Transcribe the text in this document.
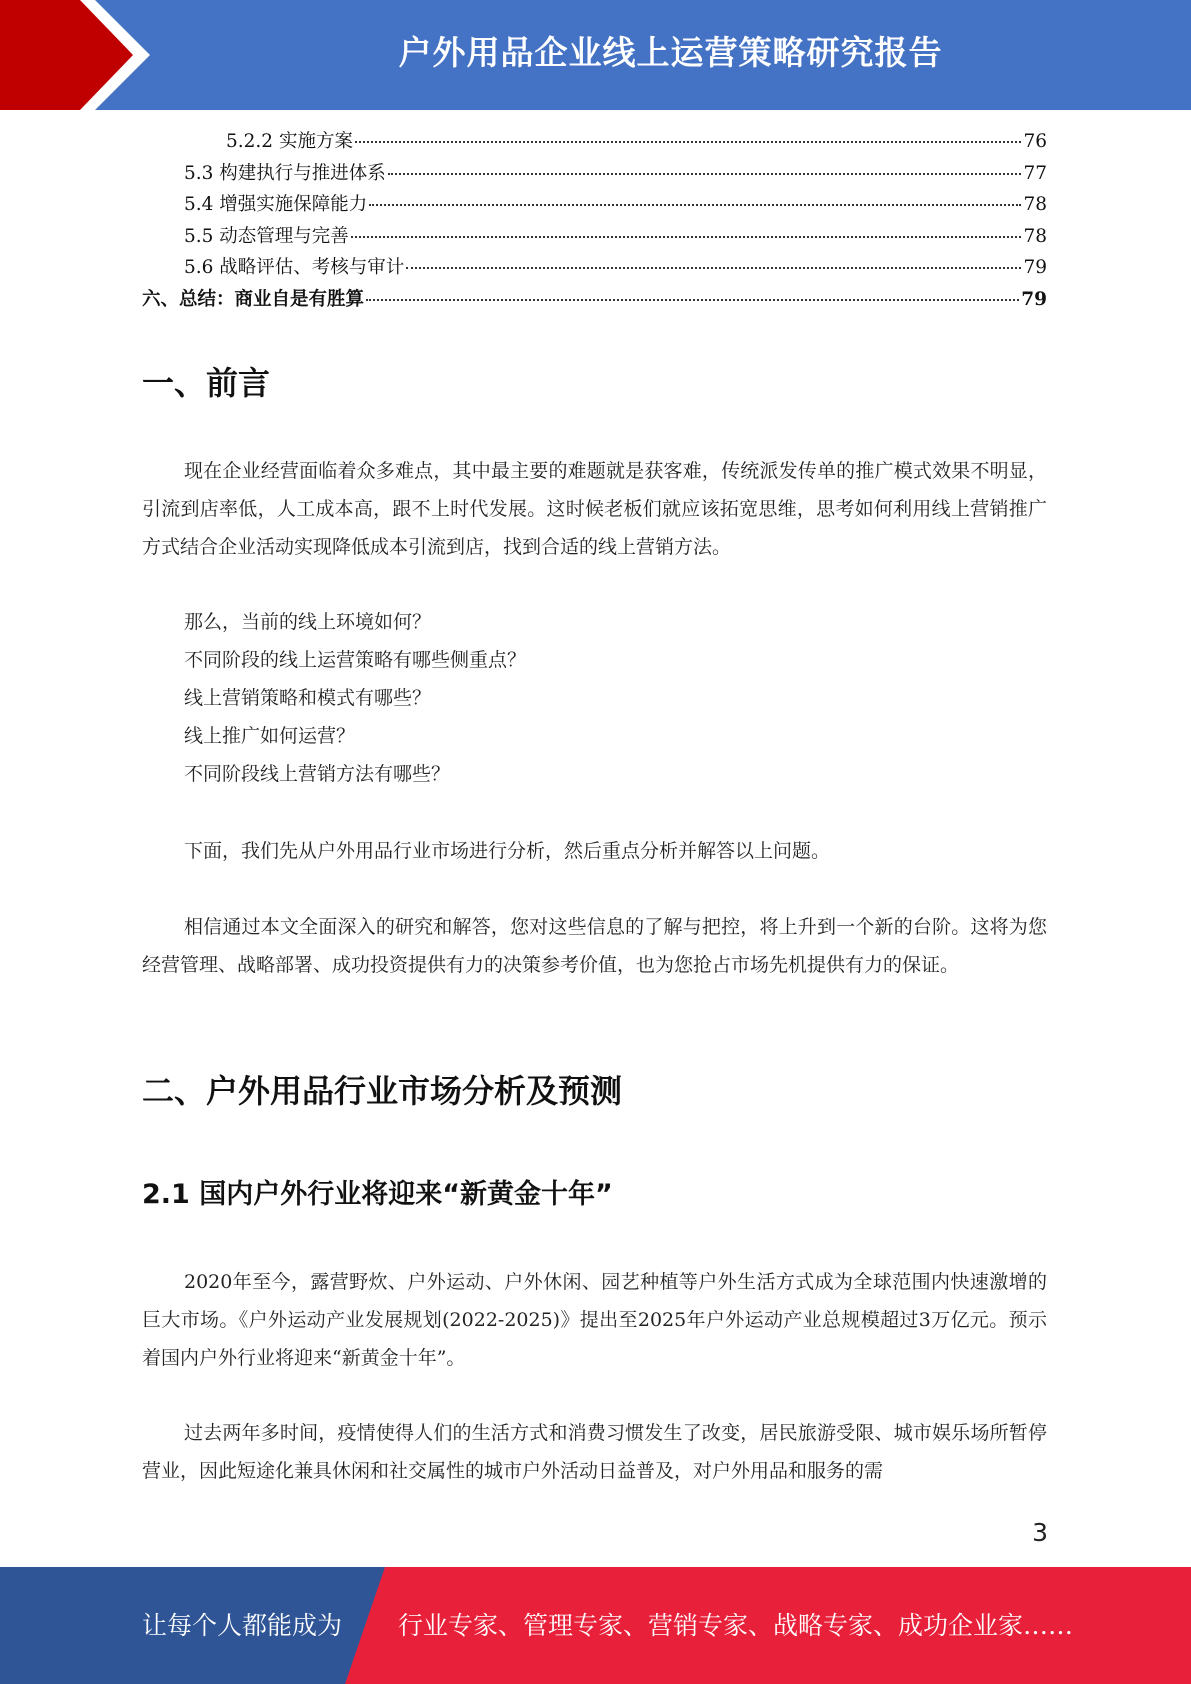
户外用品企业线上运营策略研究报告
5.2.2 实施方案	76
5.3 构建执行与推进体系	77
5.4 增强实施保障能力	78
5.5 动态管理与完善	78
5.6 战略评估、考核与审计	79
六、总结：商业自是有胜算	79
一、前言

现在企业经营面临着众多难点，其中最主要的难题就是获客难，传统派发传单的推广模式效果不明显，引流到店率低，人工成本高，跟不上时代发展。这时候老板们就应该拓宽思维，思考如何利用线上营销推广方式结合企业活动实现降低成本引流到店，找到合适的线上营销方法。

那么，当前的线上环境如何？
不同阶段的线上运营策略有哪些侧重点？
线上营销策略和模式有哪些？
线上推广如何运营？
不同阶段线上营销方法有哪些？

下面，我们先从户外用品行业市场进行分析，然后重点分析并解答以上问题。

相信通过本文全面深入的研究和解答，您对这些信息的了解与把控，将上升到一个新的台阶。这将为您经营管理、战略部署、成功投资提供有力的决策参考价值，也为您抢占市场先机提供有力的保证。

二、户外用品行业市场分析及预测
2.1 国内户外行业将迎来“新黄金十年”

2020年至今，露营野炊、户外运动、户外休闲、园艺种植等户外生活方式成为全球范围内快速激增的巨大市场。《户外运动产业发展规划(2022-2025)》提出至2025年户外运动产业总规模超过3万亿元。预示着国内户外行业将迎来“新黄金十年”。

过去两年多时间，疫情使得人们的生活方式和消费习惯发生了改变，居民旅游受限、城市娱乐场所暂停营业，因此短途化兼具休闲和社交属性的城市户外活动日益普及，对户外用品和服务的需

3
让每个人都能成为 行业专家、管理专家、营销专家、战略专家、成功企业家……
